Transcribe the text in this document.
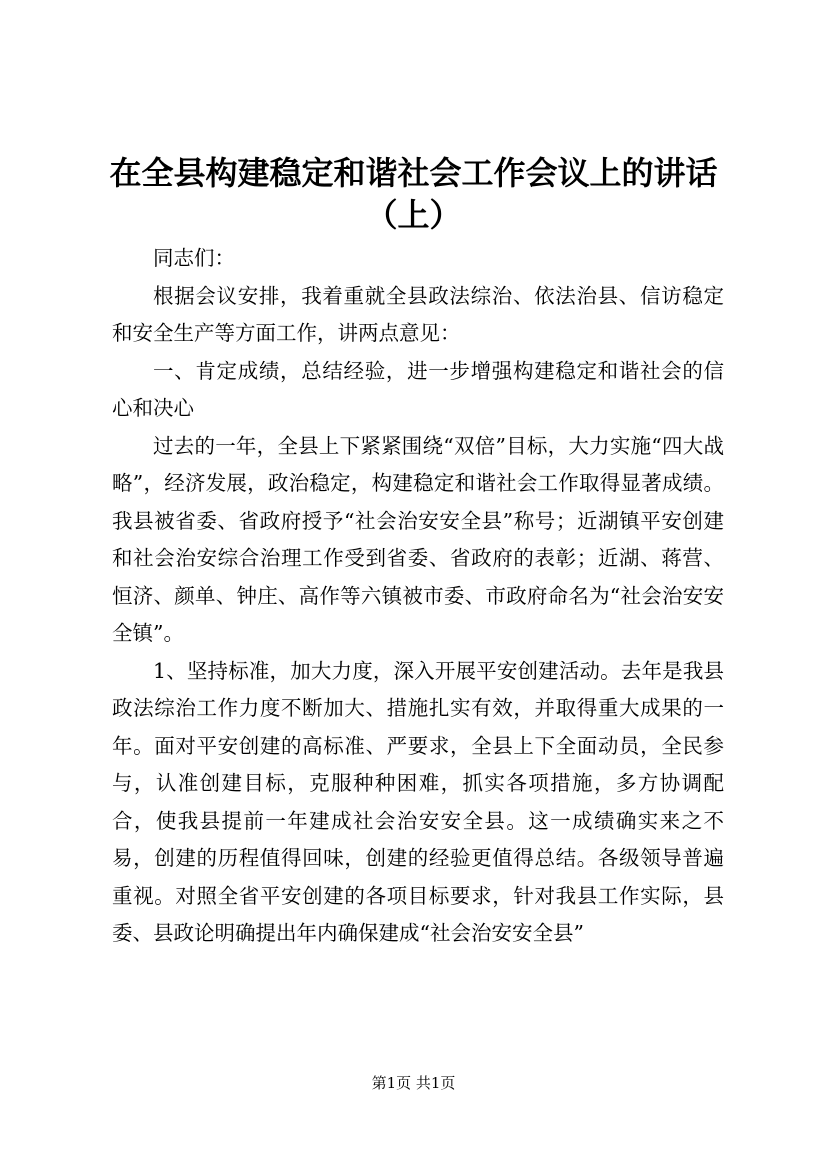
在全县构建稳定和谐社会工作会议上的讲话
（上）

同志们：

根据会议安排，我着重就全县政法综治、依法治县、信访稳定和安全生产等方面工作，讲两点意见：

一、肯定成绩，总结经验，进一步增强构建稳定和谐社会的信心和决心

过去的一年，全县上下紧紧围绕“双倍”目标，大力实施“四大战略”，经济发展，政治稳定，构建稳定和谐社会工作取得显著成绩。我县被省委、省政府授予“社会治安安全县”称号；近湖镇平安创建和社会治安综合治理工作受到省委、省政府的表彰；近湖、蒋营、恒济、颜单、钟庄、高作等六镇被市委、市政府命名为“社会治安安全镇”。

1、坚持标准，加大力度，深入开展平安创建活动。去年是我县政法综治工作力度不断加大、措施扎实有效，并取得重大成果的一年。面对平安创建的高标准、严要求，全县上下全面动员，全民参与，认准创建目标，克服种种困难，抓实各项措施，多方协调配合，使我县提前一年建成社会治安安全县。这一成绩确实来之不易，创建的历程值得回味，创建的经验更值得总结。各级领导普遍重视。对照全省平安创建的各项目标要求，针对我县工作实际，县委、县政论明确提出年内确保建成“社会治安安全县”

第1页 共1页
